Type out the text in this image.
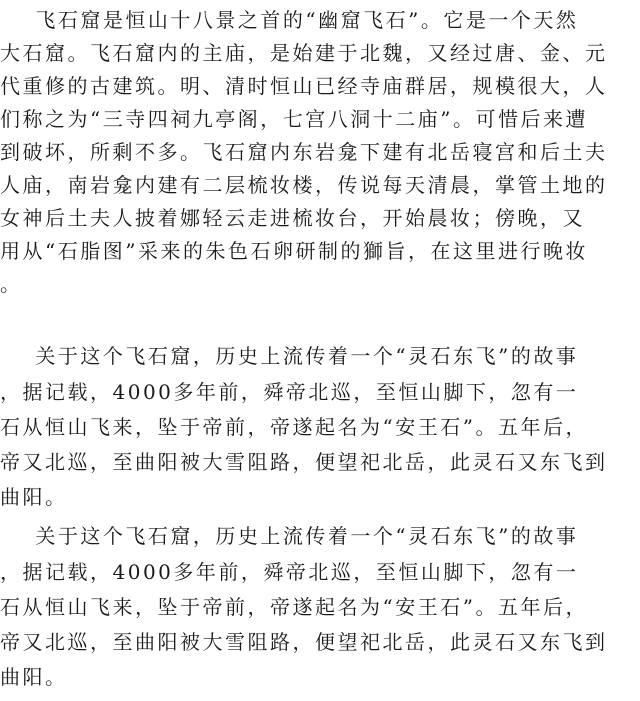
飞石窟是恒山十八景之首的“幽窟飞石”。它是一个天然
大石窟。飞石窟内的主庙，是始建于北魏，又经过唐、金、元
代重修的古建筑。明、清时恒山已经寺庙群居，规模很大，人
们称之为“三寺四祠九亭阁，七宫八洞十二庙”。可惜后来遭
到破坏，所剩不多。飞石窟内东岩龛下建有北岳寝宫和后土夫
人庙，南岩龛内建有二层梳妆楼，传说每天清晨，掌管土地的
女神后土夫人披着娜轻云走进梳妆台，开始晨妆；傍晚，又
用从“石脂图”采来的朱色石卵研制的獅旨，在这里进行晚妆
。
关于这个飞石窟，历史上流传着一个“灵石东飞”的故事
，据记载，4000多年前，舜帝北巡，至恒山脚下，忽有一
石从恒山飞来，坠于帝前，帝遂起名为“安王石”。五年后，
帝又北巡，至曲阳被大雪阻路，便望祀北岳，此灵石又东飞到
曲阳。
关于这个飞石窟，历史上流传着一个“灵石东飞”的故事
，据记载，4000多年前，舜帝北巡，至恒山脚下，忽有一
石从恒山飞来，坠于帝前，帝遂起名为“安王石”。五年后，
帝又北巡，至曲阳被大雪阻路，便望祀北岳，此灵石又东飞到
曲阳。
